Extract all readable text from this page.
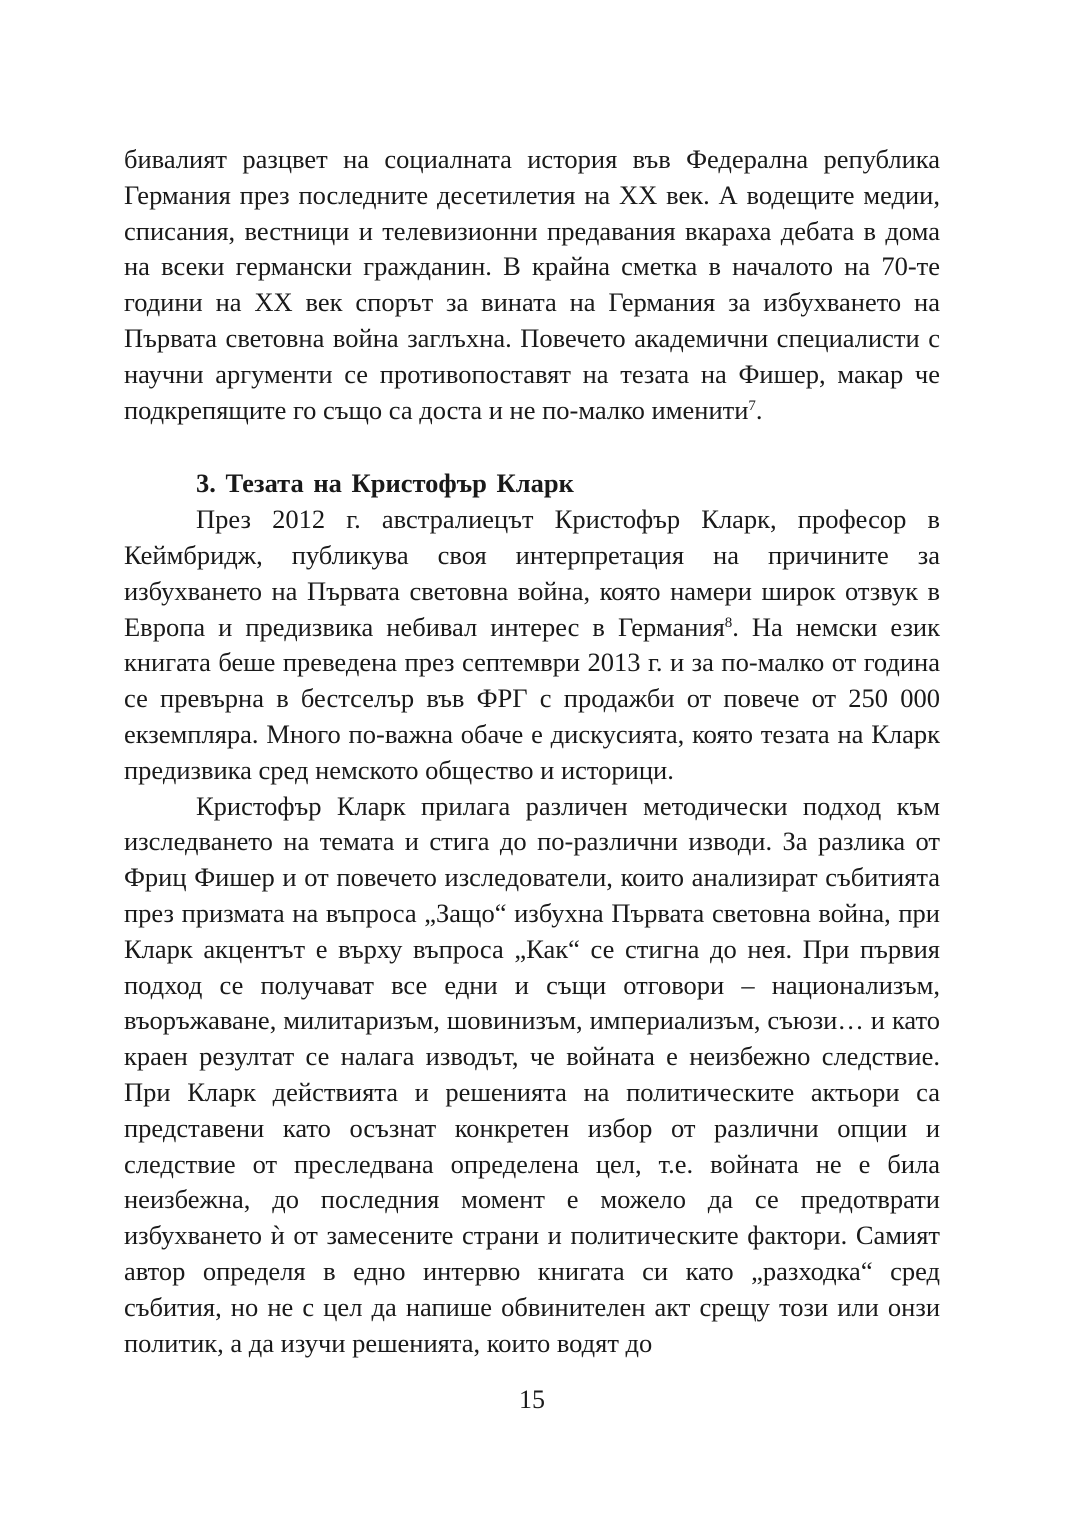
бивалият разцвет на социалната история във Федерална република Германия през последните десетилетия на ХХ век. А водещите медии, списания, вестници и телевизионни предавания вкараха дебата в дома на всеки германски гражданин. В крайна сметка в началото на 70-те години на ХХ век спорът за вината на Германия за избухването на Първата световна война заглъхна. Повечето академични специалисти с научни аргументи се противопоставят на тезата на Фишер, макар че подкрепящите го също са доста и не по-малко именити$^7$.

3. Тезата на Кристофър Кларк

През 2012 г. австралиецът Кристофър Кларк, професор в Кеймбридж, публикува своя интерпретация на причините за избухването на Първата световна война, която намери широк отзвук в Европа и предизвика небивал интерес в Германия$^8$. На немски език книгата беше преведена през септември 2013 г. и за по-малко от година се превърна в бестселър във ФРГ с продажби от повече от 250 000 екземпляра. Много по-важна обаче е дискусията, която тезата на Кларк предизвика сред немското общество и историци.

Кристофър Кларк прилага различен методически подход към изследването на темата и стига до по-различни изводи. За разлика от Фриц Фишер и от повечето изследователи, които анализират събитията през призмата на въпроса „Защо“ избухна Първата световна война, при Кларк акцентът е върху въпроса „Как“ се стигна до нея. При първия подход се получават все едни и същи отговори – национализъм, въоръжаване, милитаризъм, шовинизъм, империализъм, съюзи… и като краен резултат се налага изводът, че войната е неизбежно следствие. При Кларк действията и решенията на политическите актьори са представени като осъзнат конкретен избор от различни опции и следствие от преследвана определена цел, т.е. войната не е била неизбежна, до последния момент е можело да се предотврати избухването ѝ от замесените страни и политическите фактори. Самият автор определя в едно интервю книгата си като „разходка“ сред събития, но не с цел да напише обвинителен акт срещу този или онзи политик, а да изучи решенията, които водят до

15
